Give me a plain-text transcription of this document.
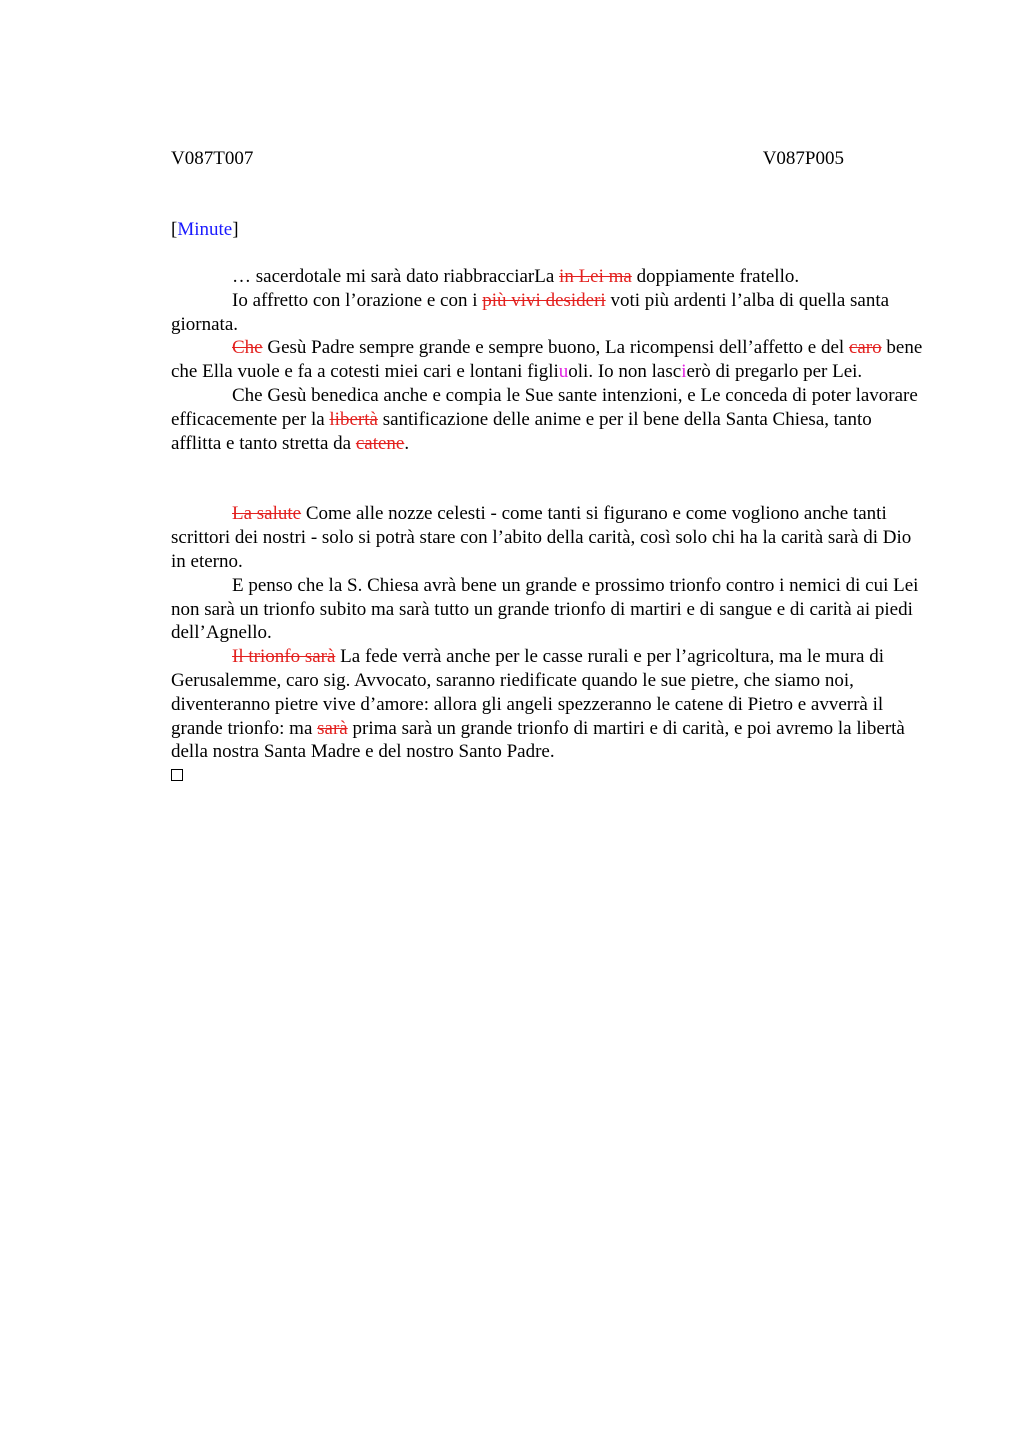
V087T007	V087P005
[Minute]

… sacerdotale mi sarà dato riabbracciarLa in Lei ma doppiamente fratello.

Io affretto con l’orazione e con i più vivi desideri voti più ardenti l’alba di quella santa giornata.

Che Gesù Padre sempre grande e sempre buono, La ricompensi dell’affetto e del caro bene che Ella vuole e fa a cotesti miei cari e lontani figliuoli. Io non lascierò di pregarlo per Lei.

Che Gesù benedica anche e compia le Sue sante intenzioni, e Le conceda di poter lavorare efficacemente per la libertà santificazione delle anime e per il bene della Santa Chiesa, tanto afflitta e tanto stretta da catene.

La salute Come alle nozze celesti - come tanti si figurano e come vogliono anche tanti scrittori dei nostri - solo si potrà stare con l’abito della carità, così solo chi ha la carità sarà di Dio in eterno.

E penso che la S. Chiesa avrà bene un grande e prossimo trionfo contro i nemici di cui Lei non sarà un trionfo subito ma sarà tutto un grande trionfo di martiri e di sangue e di carità ai piedi dell’Agnello.

Il trionfo sarà La fede verrà anche per le casse rurali e per l’agricoltura, ma le mura di Gerusalemme, caro sig. Avvocato, saranno riedificate quando le sue pietre, che siamo noi, diventeranno pietre vive d’amore: allora gli angeli spezzeranno le catene di Pietro e avverrà il grande trionfo: ma sarà prima sarà un grande trionfo di martiri e di carità, e poi avremo la libertà della nostra Santa Madre e del nostro Santo Padre.
